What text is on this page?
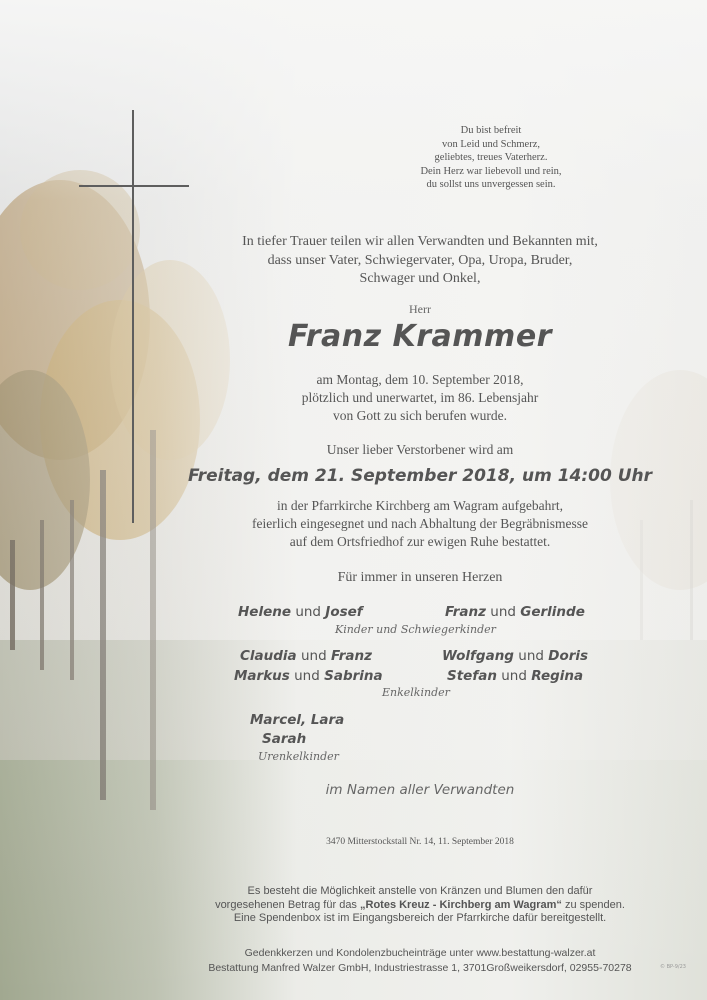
Du bist befreit
von Leid und Schmerz,
geliebtes, treues Vaterherz.
Dein Herz war liebevoll und rein,
du sollst uns unvergessen sein.
In tiefer Trauer teilen wir allen Verwandten und Bekannten mit,
dass unser Vater, Schwiegervater, Opa, Uropa, Bruder,
Schwager und Onkel,
Herr
Franz Krammer
am Montag, dem 10. September 2018,
plötzlich und unerwartet, im 86. Lebensjahr
von Gott zu sich berufen wurde.
Unser lieber Verstorbener wird am
Freitag, dem 21. September 2018, um 14:00 Uhr
in der Pfarrkirche Kirchberg am Wagram aufgebahrt,
feierlich eingesegnet und nach Abhaltung der Begräbnismesse
auf dem Ortsfriedhof zur ewigen Ruhe bestattet.
Für immer in unseren Herzen
Helene und Josef	Franz und Gerlinde
Kinder und Schwiegerkinder
Claudia und Franz	Wolfgang und Doris
Markus und Sabrina	Stefan und Regina
Enkelkinder
Marcel, Lara
Sarah
Urenkelkinder
im Namen aller Verwandten
3470 Mitterstockstall Nr. 14, 11. September 2018
Es besteht die Möglichkeit anstelle von Kränzen und Blumen den dafür
vorgesehenen Betrag für das „Rotes Kreuz - Kirchberg am Wagram“ zu spenden.
Eine Spendenbox ist im Eingangsbereich der Pfarrkirche dafür bereitgestellt.
Gedenkkerzen und Kondolenzbucheinträge unter www.bestattung-walzer.at
Bestattung Manfred Walzer GmbH, Industriestrasse 1, 3701Großweikersdorf, 02955-70278	© BP-9/23
